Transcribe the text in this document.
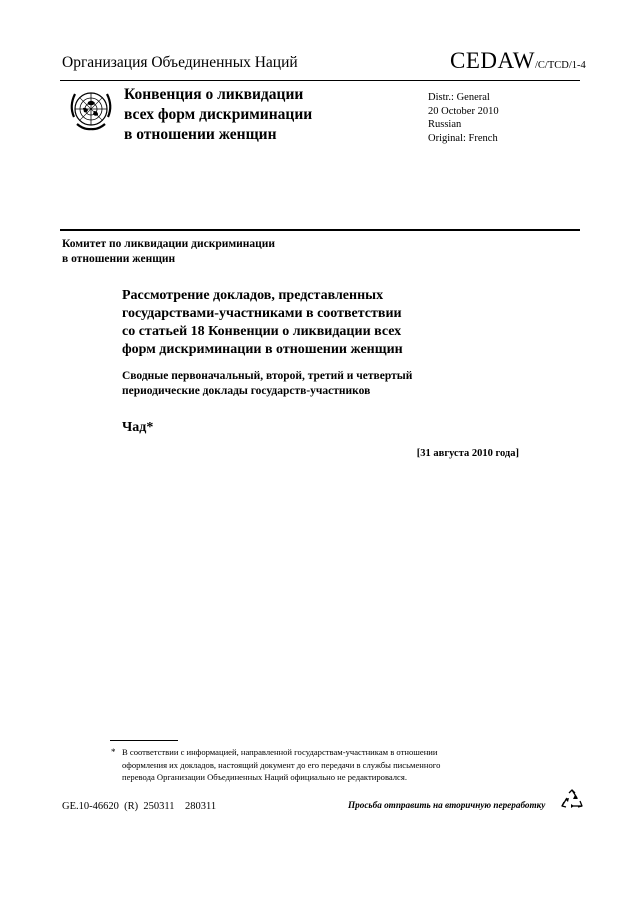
Организация Объединенных Наций	CEDAW/C/TCD/1-4
Конвенция о ликвидации
всех форм дискриминации
в отношении женщин
Distr.: General
20 October 2010
Russian
Original: French
Комитет по ликвидации дискриминации
в отношении женщин
Рассмотрение докладов, представленных
государствами-участниками в соответствии
со статьей 18 Конвенции о ликвидации всех
форм дискриминации в отношении женщин
Сводные первоначальный, второй, третий и четвертый
периодические доклады государств-участников
Чад*
[31 августа 2010 года]
* В соответствии с информацией, направленной государствам-участникам в отношении
оформления их докладов, настоящий документ до его передачи в службы письменного
перевода Организации Объединенных Наций официально не редактировался.
GE.10-46620  (R)  250311    280311	Просьба отправить на вторичную переработку
